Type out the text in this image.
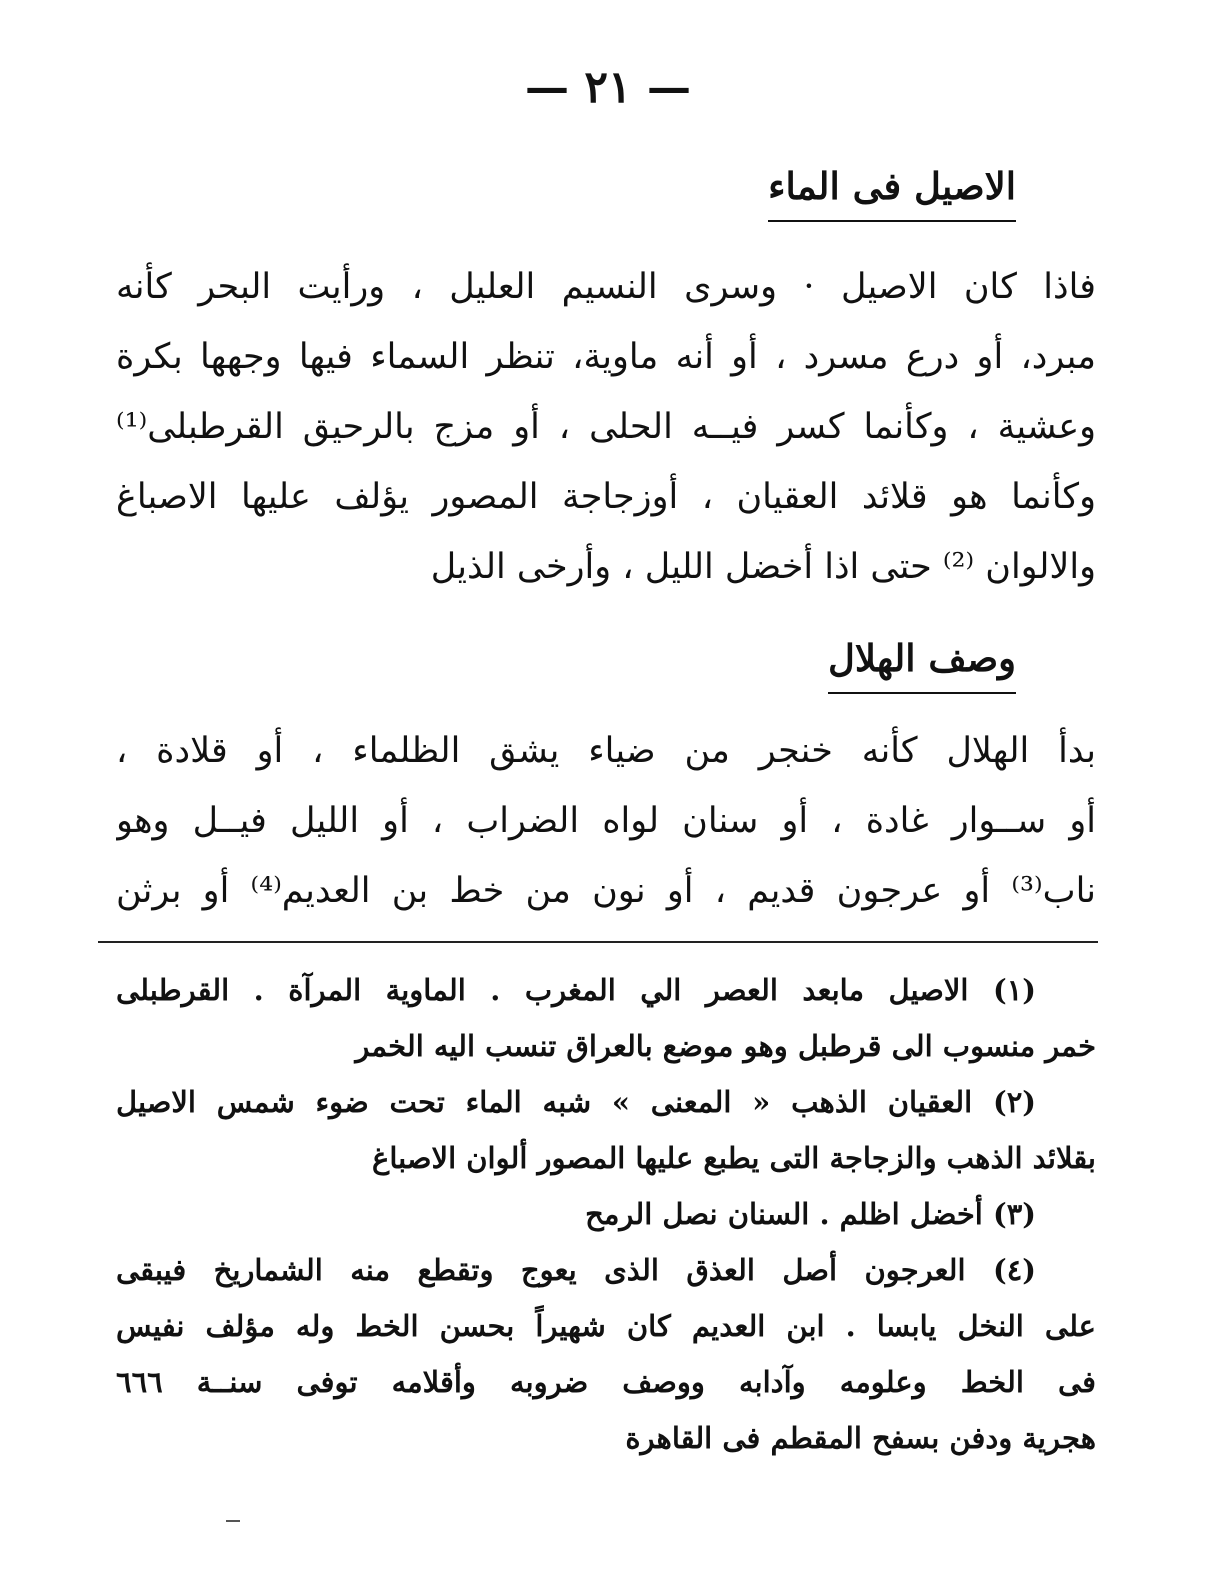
— ٢١ —
الاصيل فى الماء
فاذا كان الاصيل · وسرى النسيم العليل ، ورأيت البحر كأنه
مبرد، أو درع مسرد ، أو أنه ماوية، تنظر السماء فيها وجهها بكرة
وعشية ، وكأنما كسر فيــه الحلى ، أو مزج بالرحيق القرطبلى⁽¹⁾
وكأنما هو قلائد العقيان ، أوزجاجة المصور يؤلف عليها الاصباغ
والالوان ⁽²⁾ حتى اذا أخضل الليل ، وأرخى الذيل
وصف الهلال
بدأ الهلال كأنه خنجر من ضياء يشق الظلماء ، أو قلادة ،
أو ســوار غادة ، أو سنان لواه الضراب ، أو الليل فيــل وهو
ناب⁽³⁾ أو عرجون قديم ، أو نون من خط بن العديم⁽⁴⁾ أو برثن
(١) الاصيل مابعد العصر الي المغرب . الماوية المرآة . القرطبلى
خمر منسوب الى قرطبل وهو موضع بالعراق تنسب اليه الخمر
(٢) العقيان الذهب « المعنى » شبه الماء تحت ضوء شمس الاصيل
بقلائد الذهب والزجاجة التى يطبع عليها المصور ألوان الاصباغ
(٣) أخضل اظلم . السنان نصل الرمح
(٤) العرجون أصل العذق الذى يعوج وتقطع منه الشماريخ فيبقى
على النخل يابسا . ابن العديم كان شهيراً بحسن الخط وله مؤلف نفيس
فى الخط وعلومه وآدابه ووصف ضروبه وأقلامه توفى سنــة ٦٦٦
هجرية ودفن بسفح المقطم فى القاهرة
